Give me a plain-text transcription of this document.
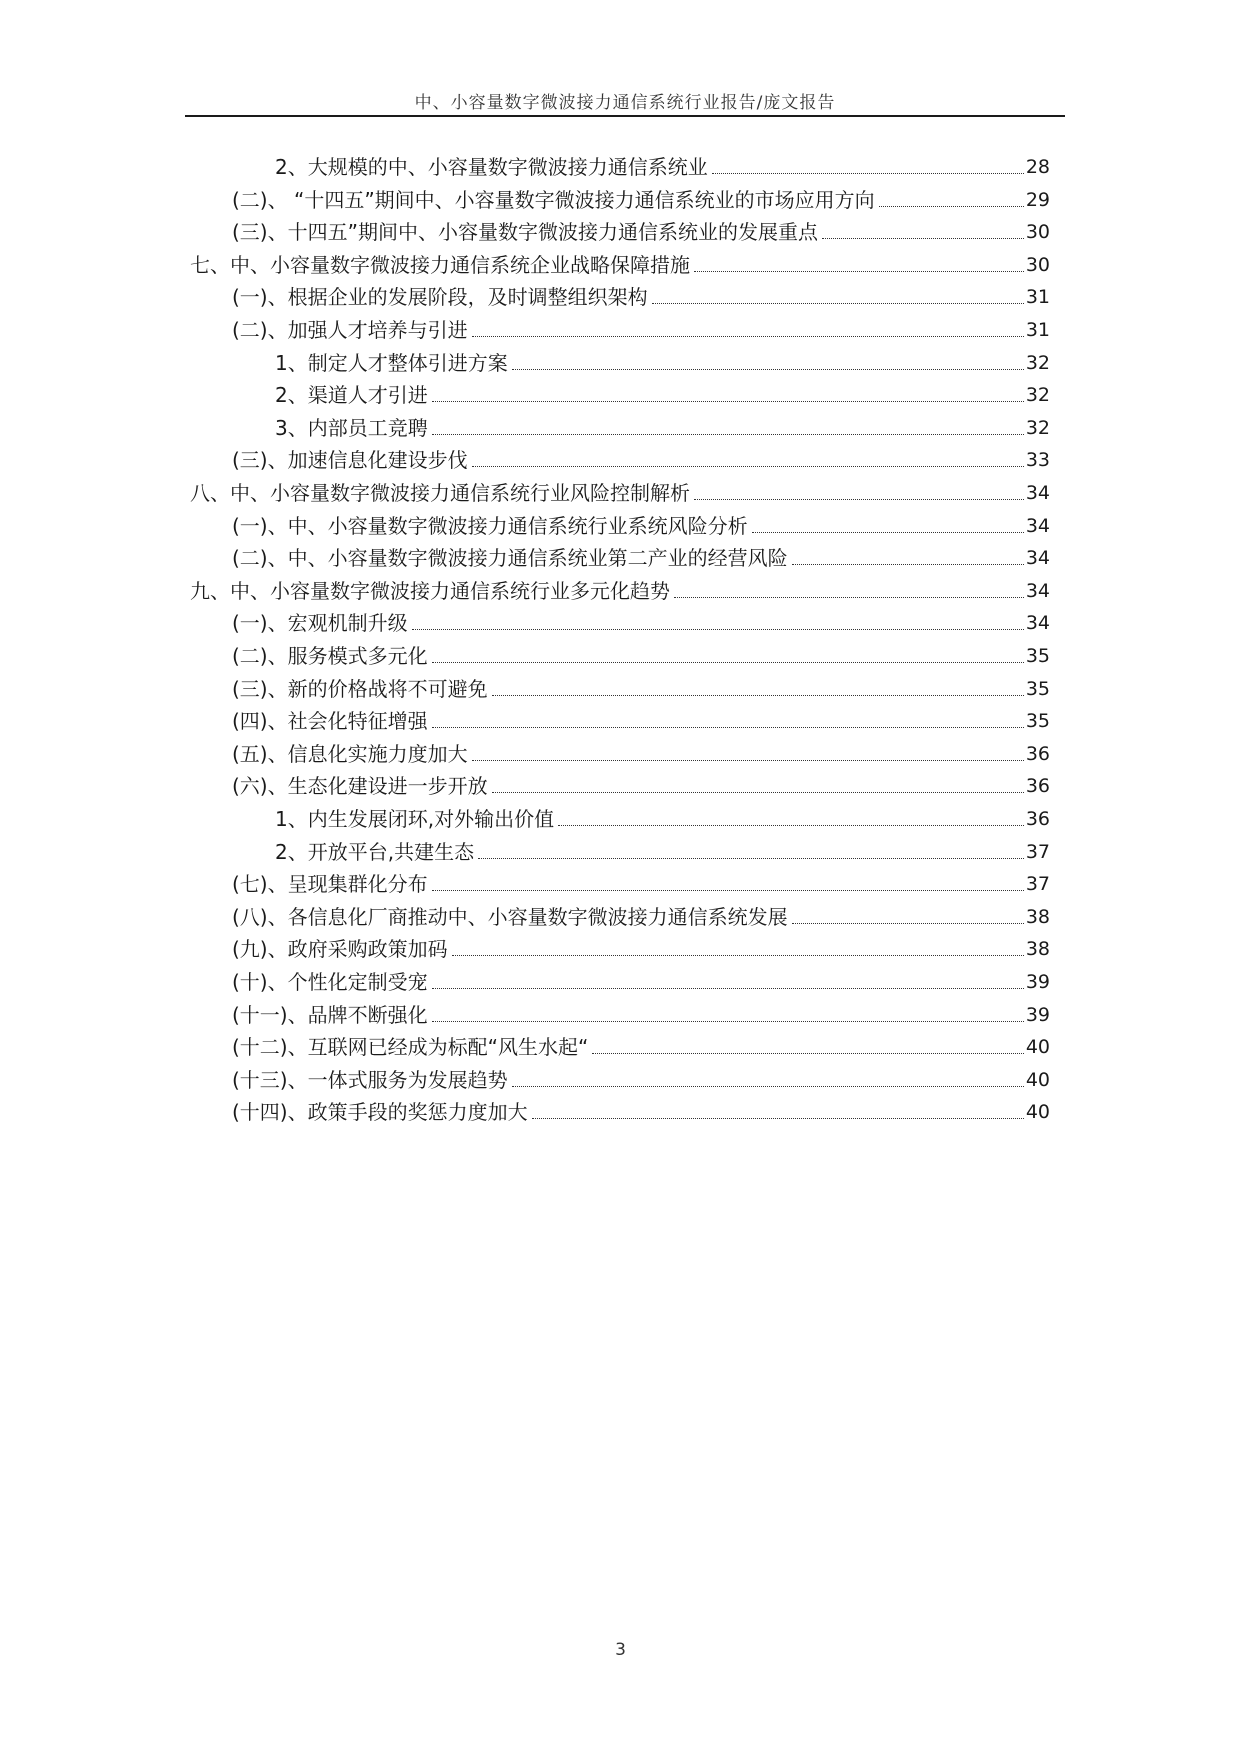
中、小容量数字微波接力通信系统行业报告/庞文报告
2、大规模的中、小容量数字微波接力通信系统业	28
(二)、 “十四五”期间中、小容量数字微波接力通信系统业的市场应用方向	29
(三)、十四五”期间中、小容量数字微波接力通信系统业的发展重点	30
七、中、小容量数字微波接力通信系统企业战略保障措施	30
(一)、根据企业的发展阶段，及时调整组织架构	31
(二)、加强人才培养与引进	31
1、制定人才整体引进方案	32
2、渠道人才引进	32
3、内部员工竞聘	32
(三)、加速信息化建设步伐	33
八、中、小容量数字微波接力通信系统行业风险控制解析	34
(一)、中、小容量数字微波接力通信系统行业系统风险分析	34
(二)、中、小容量数字微波接力通信系统业第二产业的经营风险	34
九、中、小容量数字微波接力通信系统行业多元化趋势	34
(一)、宏观机制升级	34
(二)、服务模式多元化	35
(三)、新的价格战将不可避免	35
(四)、社会化特征增强	35
(五)、信息化实施力度加大	36
(六)、生态化建设进一步开放	36
1、内生发展闭环,对外输出价值	36
2、开放平台,共建生态	37
(七)、呈现集群化分布	37
(八)、各信息化厂商推动中、小容量数字微波接力通信系统发展	38
(九)、政府采购政策加码	38
(十)、个性化定制受宠	39
(十一)、品牌不断强化	39
(十二)、互联网已经成为标配“风生水起“	40
(十三)、一体式服务为发展趋势	40
(十四)、政策手段的奖惩力度加大	40
3
